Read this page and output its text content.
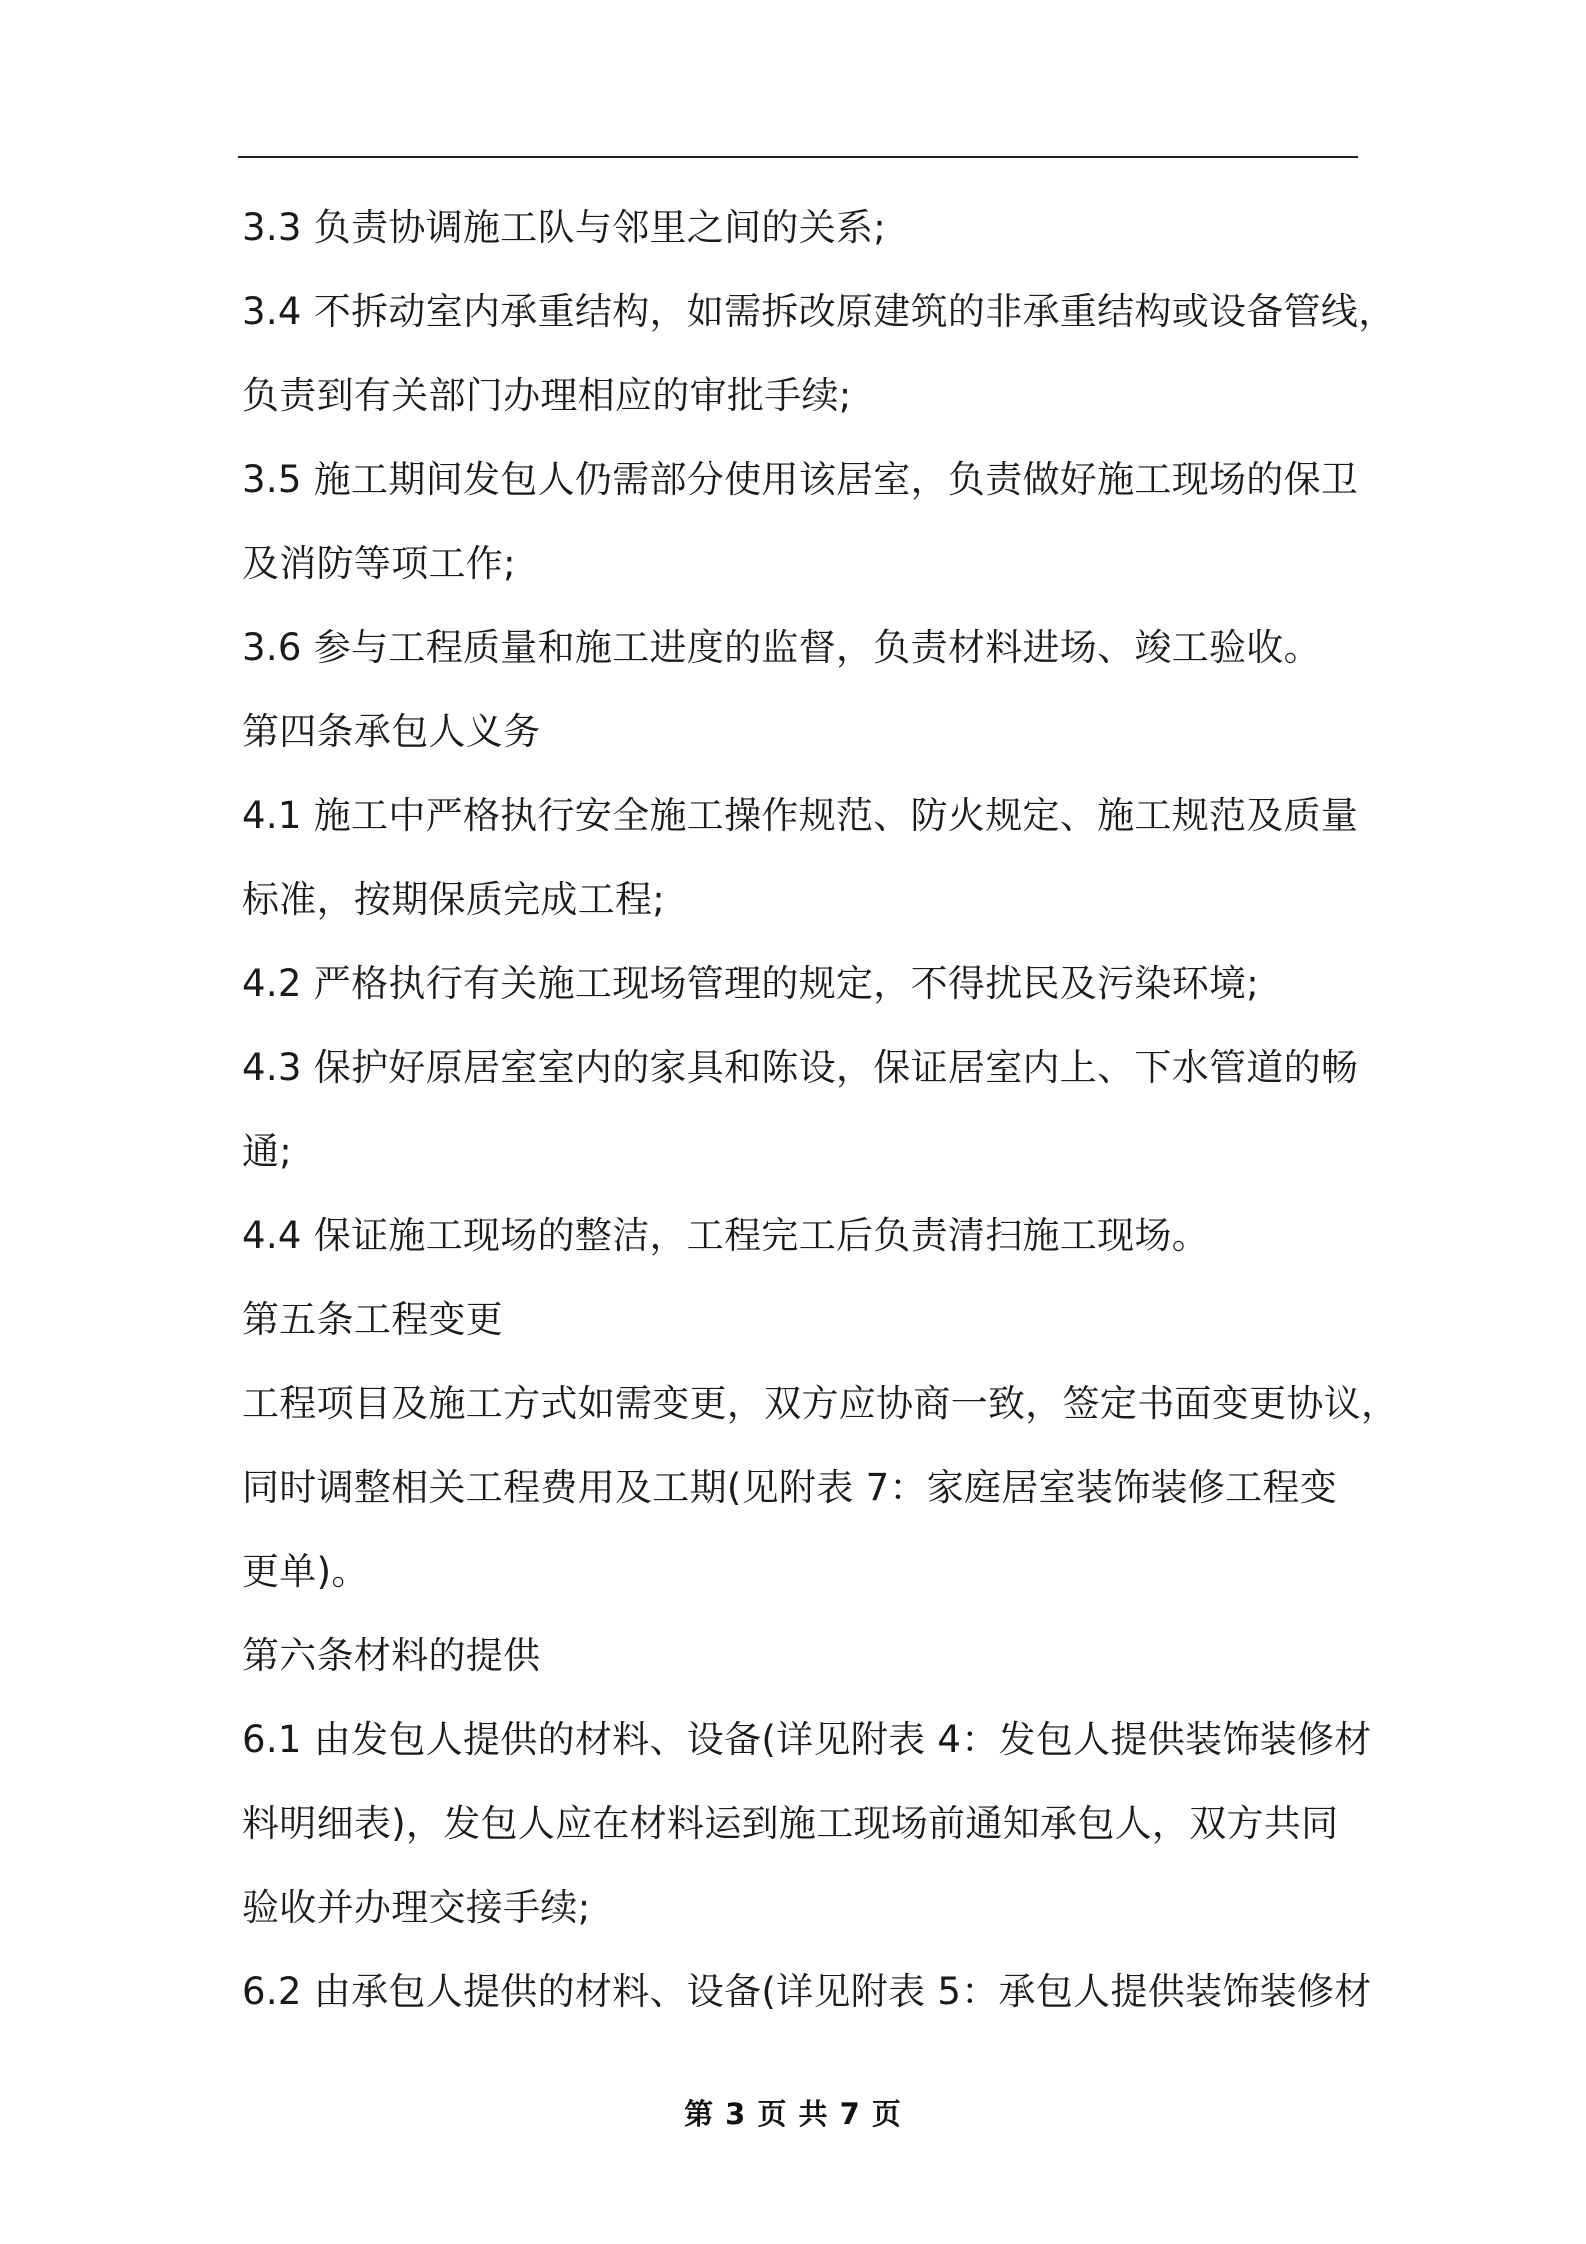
3.3 负责协调施工队与邻里之间的关系;

3.4 不拆动室内承重结构，如需拆改原建筑的非承重结构或设备管线，

负责到有关部门办理相应的审批手续;

3.5 施工期间发包人仍需部分使用该居室，负责做好施工现场的保卫

及消防等项工作;

3.6 参与工程质量和施工进度的监督，负责材料进场、竣工验收。

第四条承包人义务

4.1 施工中严格执行安全施工操作规范、防火规定、施工规范及质量

标准，按期保质完成工程;

4.2 严格执行有关施工现场管理的规定，不得扰民及污染环境;

4.3 保护好原居室室内的家具和陈设，保证居室内上、下水管道的畅

通;

4.4 保证施工现场的整洁，工程完工后负责清扫施工现场。

第五条工程变更

工程项目及施工方式如需变更，双方应协商一致，签定书面变更协议，

同时调整相关工程费用及工期(见附表 7：家庭居室装饰装修工程变

更单)。

第六条材料的提供

6.1 由发包人提供的材料、设备(详见附表 4：发包人提供装饰装修材

料明细表)，发包人应在材料运到施工现场前通知承包人，双方共同

验收并办理交接手续;

6.2 由承包人提供的材料、设备(详见附表 5：承包人提供装饰装修材

第 3 页 共 7 页
